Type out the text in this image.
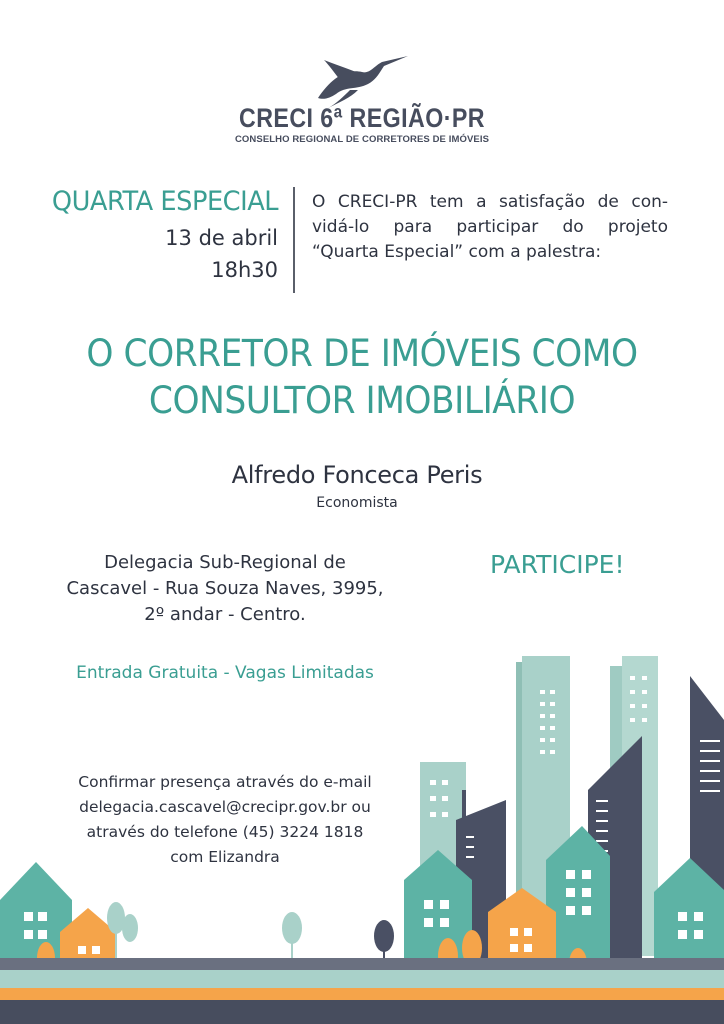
CRECI 6ª REGIÃO·PR
CONSELHO REGIONAL DE CORRETORES DE IMÓVEIS
QUARTA ESPECIAL
13 de abril
18h30
O CRECI-PR tem a satisfação de con-
vidá-lo para participar do projeto
“Quarta Especial” com a palestra:
O CORRETOR DE IMÓVEIS COMO
CONSULTOR IMOBILIÁRIO
Alfredo Fonceca Peris
Economista
Delegacia Sub-Regional de
Cascavel - Rua Souza Naves, 3995,
2º andar - Centro.
PARTICIPE!
Entrada Gratuita - Vagas Limitadas
Confirmar presença através do e-mail
delegacia.cascavel@crecipr.gov.br ou
através do telefone (45) 3224 1818
com Elizandra
